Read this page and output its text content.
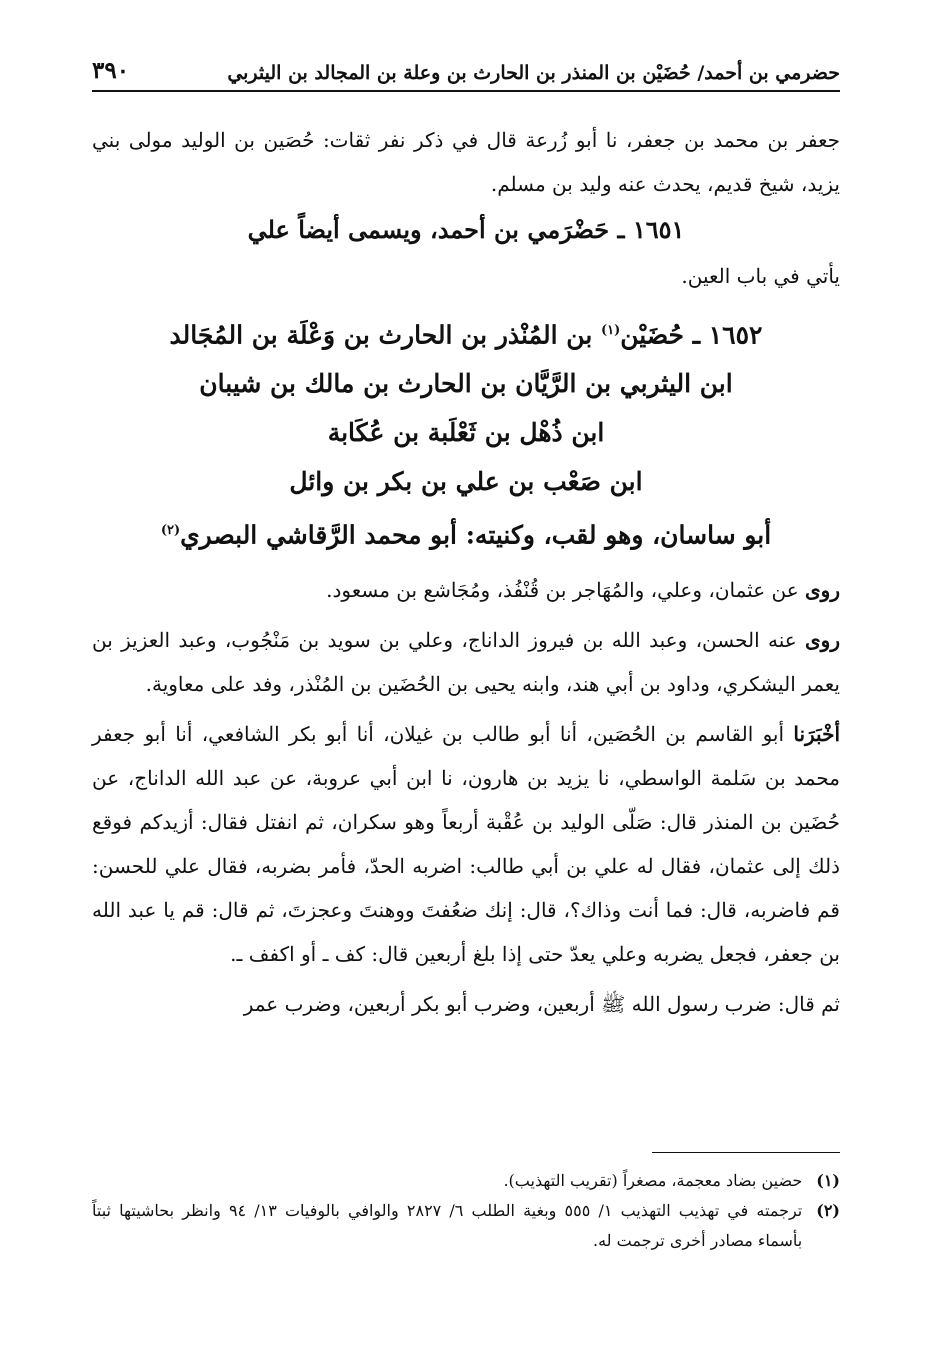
حضرمي بن أحمد/ حُضَيْن بن المنذر بن الحارث بن وعلة بن المجالد بن اليثربي
٣٩٠

جعفر بن محمد بن جعفر، نا أبو زُرعة قال في ذكر نفر ثقات: حُصَين بن الوليد مولى بني يزيد، شيخ قديم، يحدث عنه وليد بن مسلم.

١٦٥١ ـ حَضْرَمي بن أحمد، ويسمى أيضاً علي

يأتي في باب العين.

١٦٥٢ ـ حُضَيْن$^{(١)}$ بن المُنْذر بن الحارث بن وَعْلَة بن المُجَالد

ابن اليثربي بن الرَّيَّان بن الحارث بن مالك بن شيبان

ابن ذُهْل بن ثَعْلَبة بن عُكَابة

ابن صَعْب بن علي بن بكر بن وائل

أبو ساسان، وهو لقب، وكنيته: أبو محمد الرَّقاشي البصري$^{(٢)}$

روى عن عثمان، وعلي، والمُهَاجر بن قُنْفُذ، ومُجَاشع بن مسعود.

روى عنه الحسن، وعبد الله بن فيروز الداناج، وعلي بن سويد بن مَنْجُوب، وعبد العزيز بن يعمر اليشكري، وداود بن أبي هند، وابنه يحيى بن الحُضَين بن المُنْذر، وفد على معاوية.

أخْبَرَنا أبو القاسم بن الحُصَين، أنا أبو طالب بن غيلان، أنا أبو بكر الشافعي، أنا أبو جعفر محمد بن سَلمة الواسطي، نا يزيد بن هارون، نا ابن أبي عروبة، عن عبد الله الداناج، عن حُضَين بن المنذر قال: صَلّى الوليد بن عُقْبة أربعاً وهو سكران، ثم انفتل فقال: أزيدكم فوقع ذلك إلى عثمان، فقال له علي بن أبي طالب: اضربه الحدّ، فأمر بضربه، فقال علي للحسن: قم فاضربه، قال: فما أنت وذاك؟، قال: إنك ضعُفتَ ووهنتَ وعجزتَ، ثم قال: قم يا عبد الله بن جعفر، فجعل يضربه وعلي يعدّ حتى إذا بلغ أربعين قال: كف ـ أو اكفف ـ.

ثم قال: ضرب رسول الله ﷺ أربعين، وضرب أبو بكر أربعين، وضرب عمر

(١)
حضين بضاد معجمة، مصغراً (تقريب التهذيب).
(٢)
ترجمته في تهذيب التهذيب ١/ ٥٥٥ وبغية الطلب ٦/ ٢٨٢٧ والوافي بالوفيات ١٣/ ٩٤ وانظر بحاشيتها ثبتاً بأسماء مصادر أخرى ترجمت له.
